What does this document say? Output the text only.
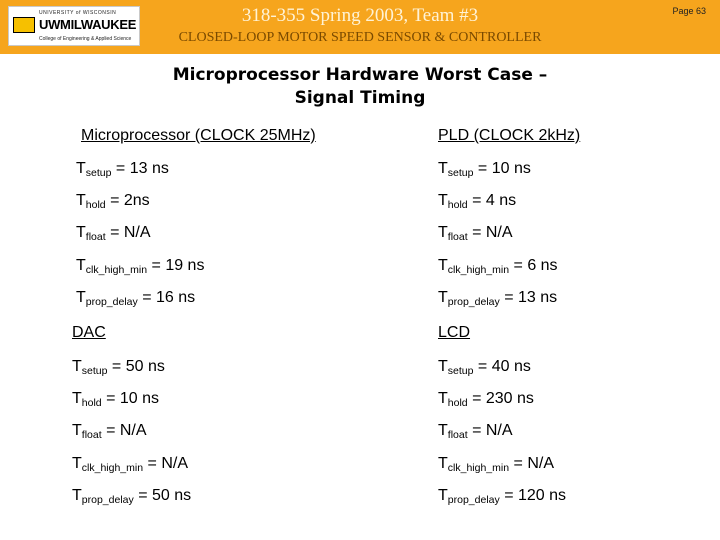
UNIVERSITY of WISCONSIN
UWMILWAUKEE
College of Engineering & Applied Science
318-355 Spring 2003, Team #3
CLOSED-LOOP MOTOR SPEED SENSOR & CONTROLLER
Page 63
Microprocessor Hardware Worst Case –
Signal Timing
Microprocessor (CLOCK 25MHz)
$T_{setup} = 13$ ns
$T_{hold} = 2ns$
$T_{float} = N/A$
$T_{clk\_high\_min} = 19$ ns
$T_{prop\_delay} = 16$ ns
PLD (CLOCK 2kHz)
$T_{setup} = 10$ ns
$T_{hold} = 4$ ns
$T_{float} = N/A$
$T_{clk\_high\_min} = 6$ ns
$T_{prop\_delay} = 13$ ns
DAC
$T_{setup} = 50$ ns
$T_{hold} = 10$ ns
$T_{float} = N/A$
$T_{clk\_high\_min} = N/A$
$T_{prop\_delay} = 50$ ns
LCD
$T_{setup} = 40$ ns
$T_{hold} = 230$ ns
$T_{float} = N/A$
$T_{clk\_high\_min} = N/A$
$T_{prop\_delay} = 120$ ns
